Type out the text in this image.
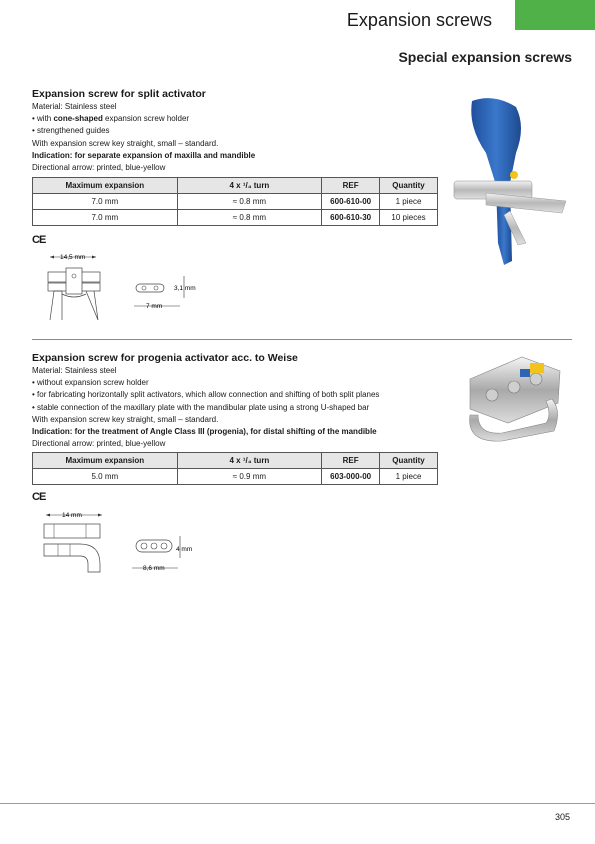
Expansion screws
Special expansion screws
Expansion screw for split activator
Material: Stainless steel
• with cone-shaped expansion screw holder
• strengthened guides
With expansion screw key straight, small – standard.
Indication: for separate expansion of maxilla and mandible
Directional arrow: printed, blue-yellow
Maximum expansion	4 x ¹/₄ turn	REF	Quantity
7.0 mm	≈ 0.8 mm	600-610-00	1 piece
7.0 mm	≈ 0.8 mm	600-610-30	10 pieces
CE
14,5 mm
3,1 mm
7 mm
Expansion screw for progenia activator acc. to Weise
Material: Stainless steel
• without expansion screw holder
• for fabricating horizontally split activators, which allow connection and shifting of both split planes
• stable connection of the maxillary plate with the mandibular plate using a strong U-shaped bar
With expansion screw key straight, small – standard.
Indication: for the treatment of Angle Class III (progenia), for distal shifting of the mandible
Directional arrow: printed, blue-yellow
Maximum expansion	4 x ¹/₄ turn	REF	Quantity
5.0 mm	≈ 0.9 mm	603-000-00	1 piece
CE
14 mm
4 mm
8,6 mm
305
